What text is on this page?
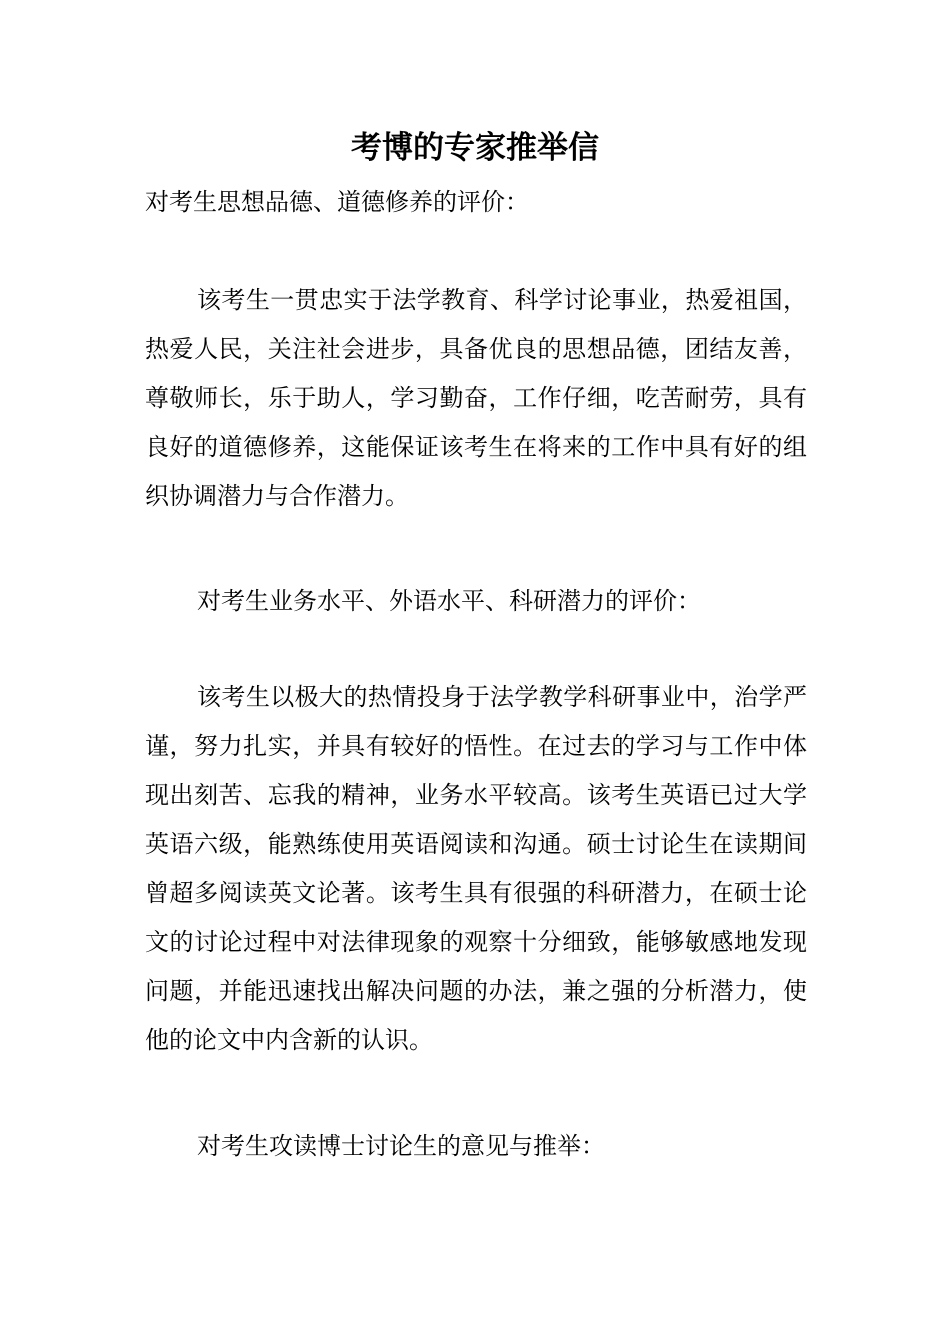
考博的专家推举信

对考生思想品德、道德修养的评价：

该考生一贯忠实于法学教育、科学讨论事业，热爱祖国，热爱人民，关注社会进步，具备优良的思想品德，团结友善，尊敬师长，乐于助人，学习勤奋，工作仔细，吃苦耐劳，具有良好的道德修养，这能保证该考生在将来的工作中具有好的组织协调潜力与合作潜力。

对考生业务水平、外语水平、科研潜力的评价：

该考生以极大的热情投身于法学教学科研事业中，治学严谨，努力扎实，并具有较好的悟性。在过去的学习与工作中体现出刻苦、忘我的精神，业务水平较高。该考生英语已过大学英语六级，能熟练使用英语阅读和沟通。硕士讨论生在读期间曾超多阅读英文论著。该考生具有很强的科研潜力，在硕士论文的讨论过程中对法律现象的观察十分细致，能够敏感地发现问题，并能迅速找出解决问题的办法，兼之强的分析潜力，使他的论文中内含新的认识。

对考生攻读博士讨论生的意见与推举：
